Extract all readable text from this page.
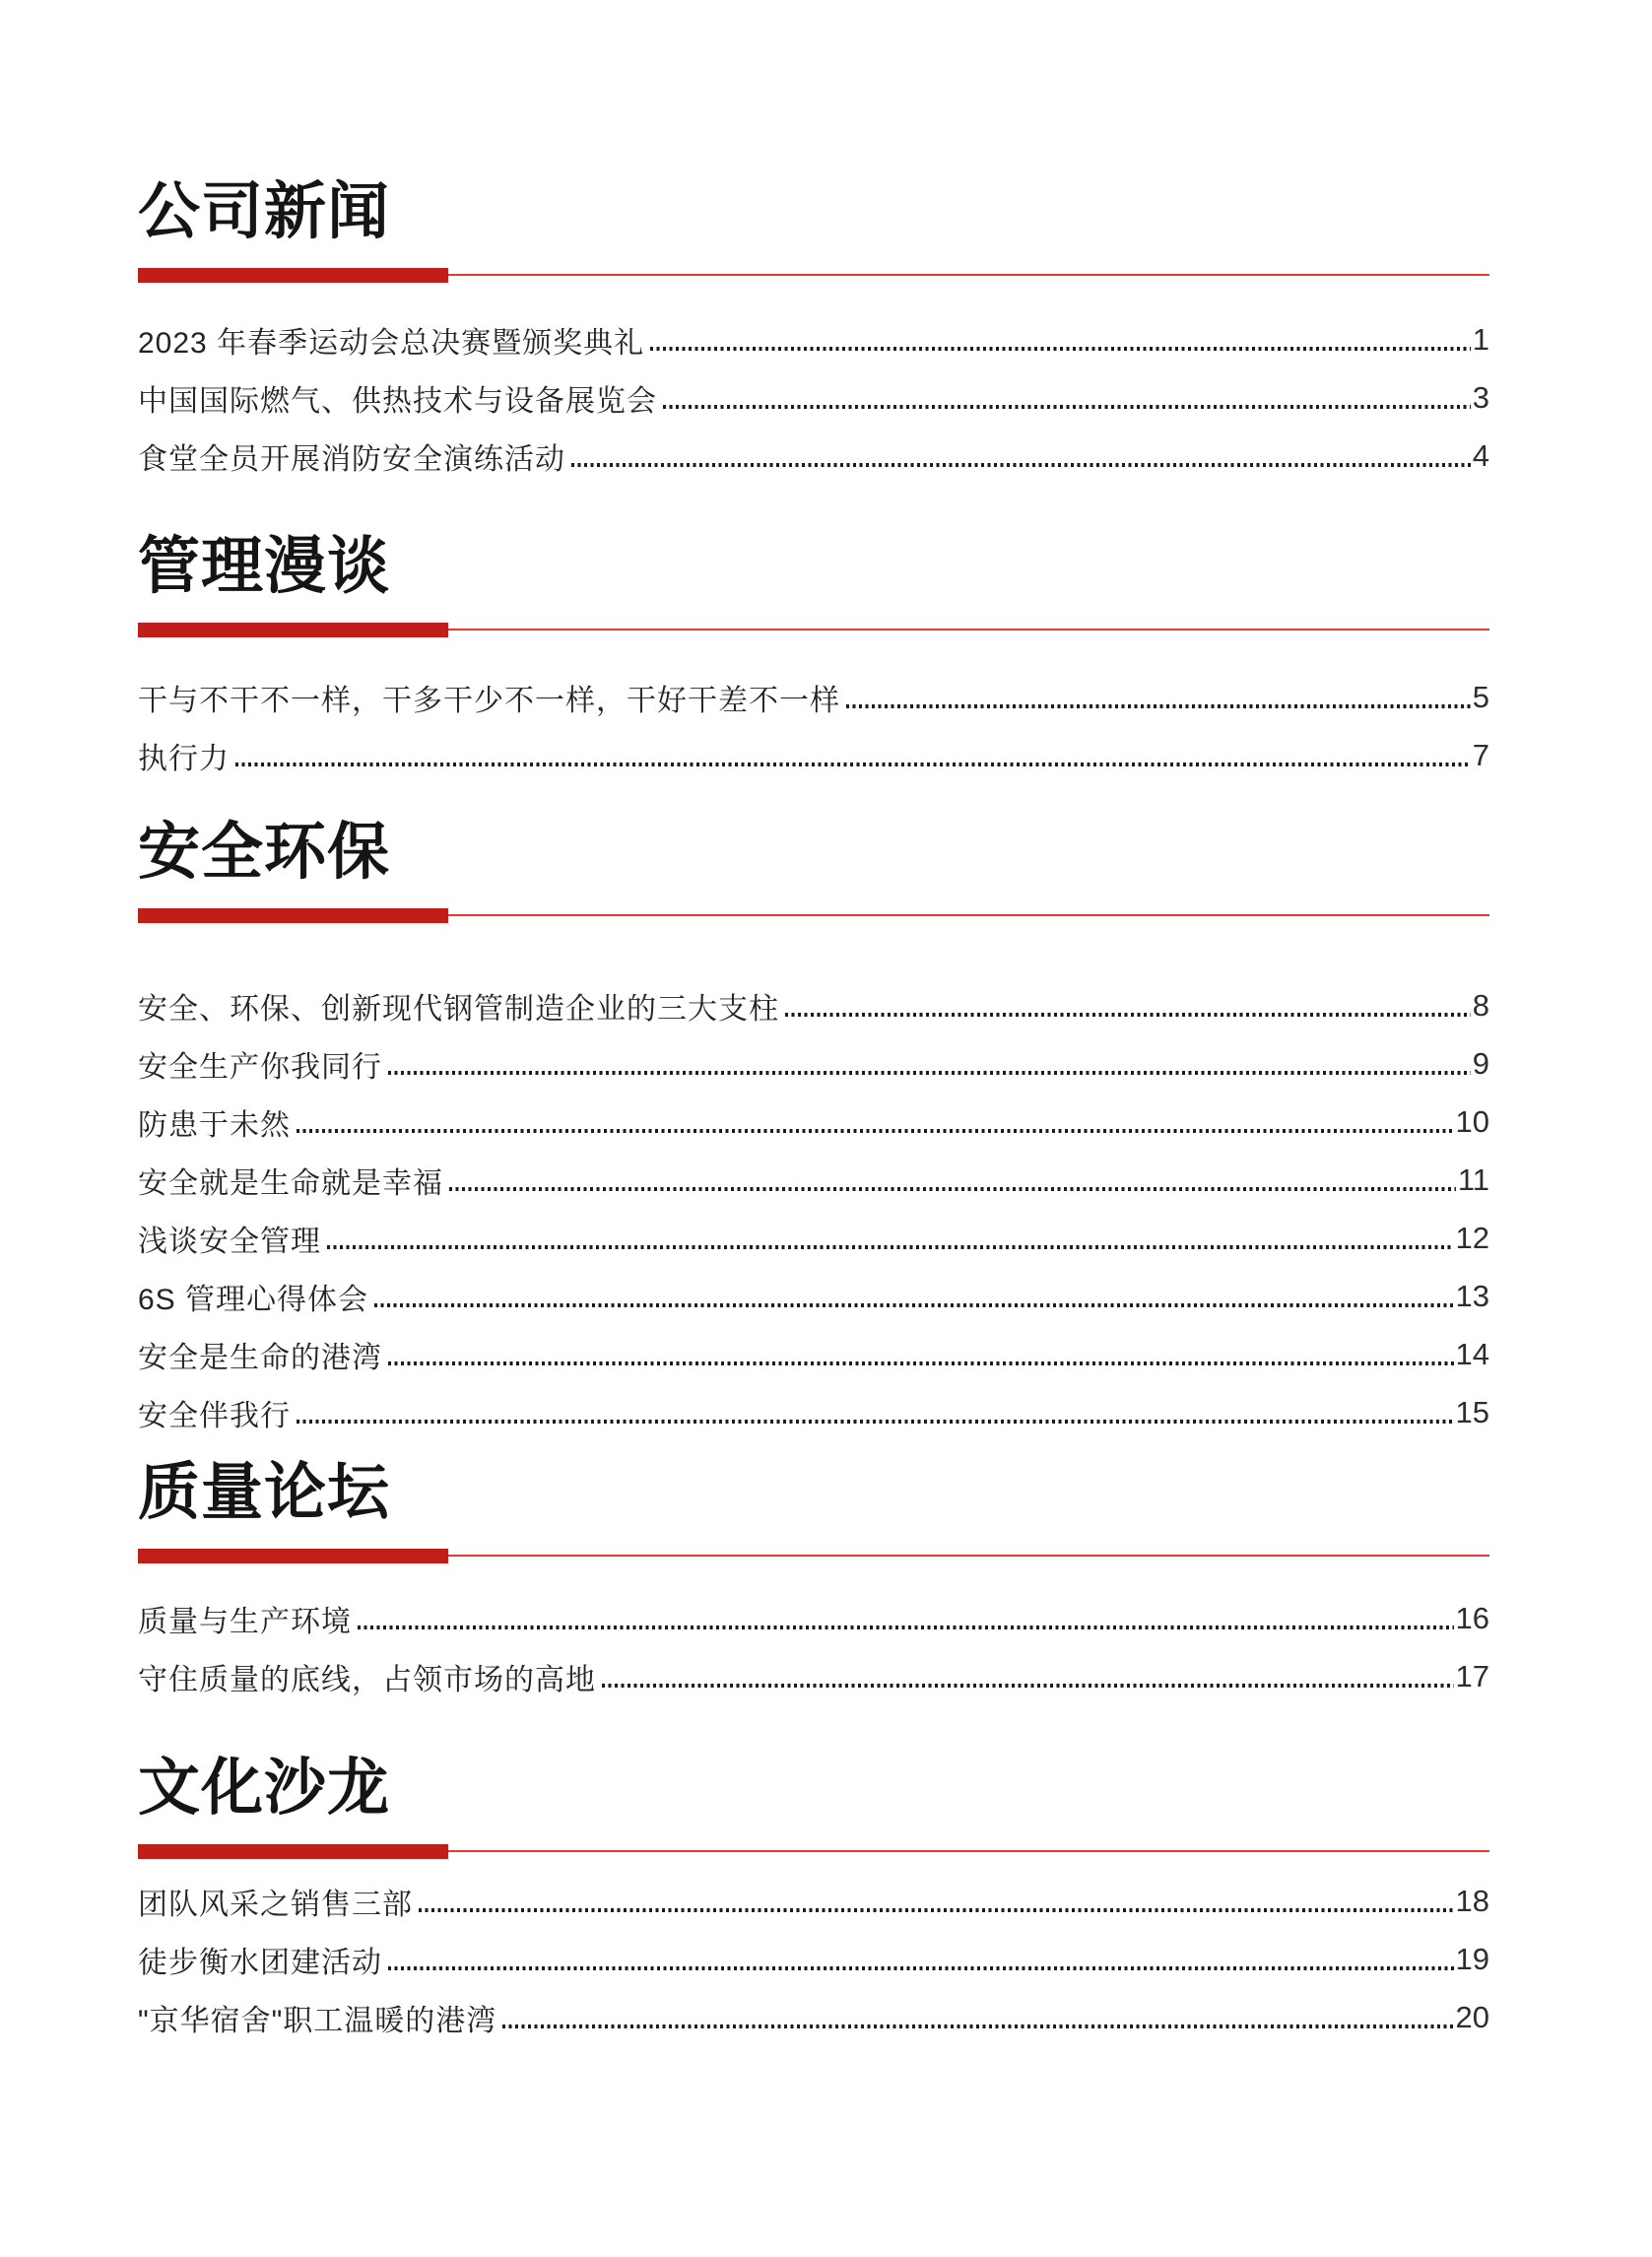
公司新闻
2023 年春季运动会总决赛暨颁奖典礼	1
中国国际燃气、供热技术与设备展览会	3
食堂全员开展消防安全演练活动	4
管理漫谈
干与不干不一样，干多干少不一样，干好干差不一样	5
执行力	7
安全环保
安全、环保、创新现代钢管制造企业的三大支柱	8
安全生产你我同行	9
防患于未然	10
安全就是生命就是幸福	11
浅谈安全管理	12
6S 管理心得体会	13
安全是生命的港湾	14
安全伴我行	15
质量论坛
质量与生产环境	16
守住质量的底线，占领市场的高地	17
文化沙龙
团队风采之销售三部	18
徒步衡水团建活动	19
"京华宿舍"职工温暖的港湾	20
